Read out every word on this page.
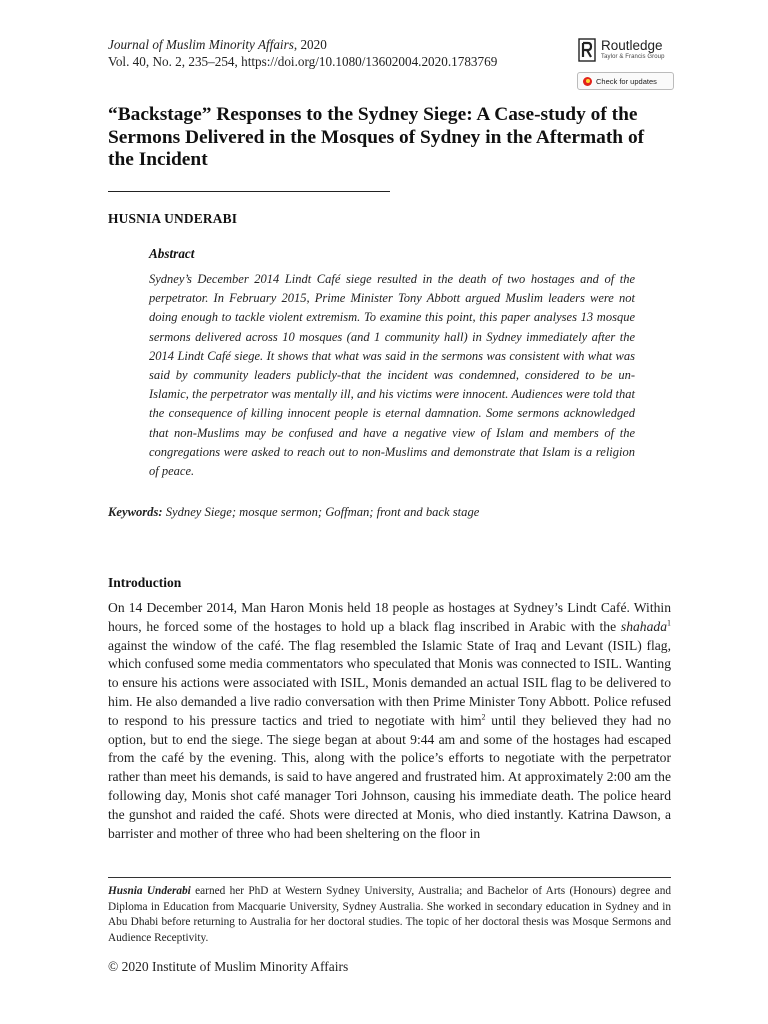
Journal of Muslim Minority Affairs, 2020
Vol. 40, No. 2, 235–254, https://doi.org/10.1080/13602004.2020.1783769
Routledge
Taylor & Francis Group
Check for updates
“Backstage” Responses to the Sydney Siege: A Case-study of the Sermons Delivered in the Mosques of Sydney in the Aftermath of the Incident
HUSNIA UNDERABI
Abstract

Sydney’s December 2014 Lindt Café siege resulted in the death of two hostages and of the perpetrator. In February 2015, Prime Minister Tony Abbott argued Muslim leaders were not doing enough to tackle violent extremism. To examine this point, this paper analyses 13 mosque sermons delivered across 10 mosques (and 1 community hall) in Sydney immediately after the 2014 Lindt Café siege. It shows that what was said in the sermons was consistent with what was said by community leaders publicly-that the incident was condemned, considered to be un-Islamic, the perpetrator was mentally ill, and his victims were innocent. Audiences were told that the consequence of killing innocent people is eternal damnation. Some sermons acknowledged that non-Muslims may be confused and have a negative view of Islam and members of the congregations were asked to reach out to non-Muslims and demonstrate that Islam is a religion of peace.

Keywords: Sydney Siege; mosque sermon; Goffman; front and back stage
Introduction

On 14 December 2014, Man Haron Monis held 18 people as hostages at Sydney’s Lindt Café. Within hours, he forced some of the hostages to hold up a black flag inscribed in Arabic with the shahada$^1$ against the window of the café. The flag resembled the Islamic State of Iraq and Levant (ISIL) flag, which confused some media commentators who speculated that Monis was connected to ISIL. Wanting to ensure his actions were associated with ISIL, Monis demanded an actual ISIL flag to be delivered to him. He also demanded a live radio conversation with then Prime Minister Tony Abbott. Police refused to respond to his pressure tactics and tried to negotiate with him$^2$ until they believed they had no option, but to end the siege. The siege began at about 9:44 am and some of the hostages had escaped from the café by the evening. This, along with the police’s efforts to negotiate with the perpetrator rather than meet his demands, is said to have angered and frustrated him. At approximately 2:00 am the following day, Monis shot café manager Tori Johnson, causing his immediate death. The police heard the gunshot and raided the café. Shots were directed at Monis, who died instantly. Katrina Dawson, a barrister and mother of three who had been sheltering on the floor in

Husnia Underabi earned her PhD at Western Sydney University, Australia; and Bachelor of Arts (Honours) degree and Diploma in Education from Macquarie University, Sydney Australia. She worked in secondary education in Sydney and in Abu Dhabi before returning to Australia for her doctoral studies. The topic of her doctoral thesis was Mosque Sermons and Audience Receptivity.

© 2020 Institute of Muslim Minority Affairs
